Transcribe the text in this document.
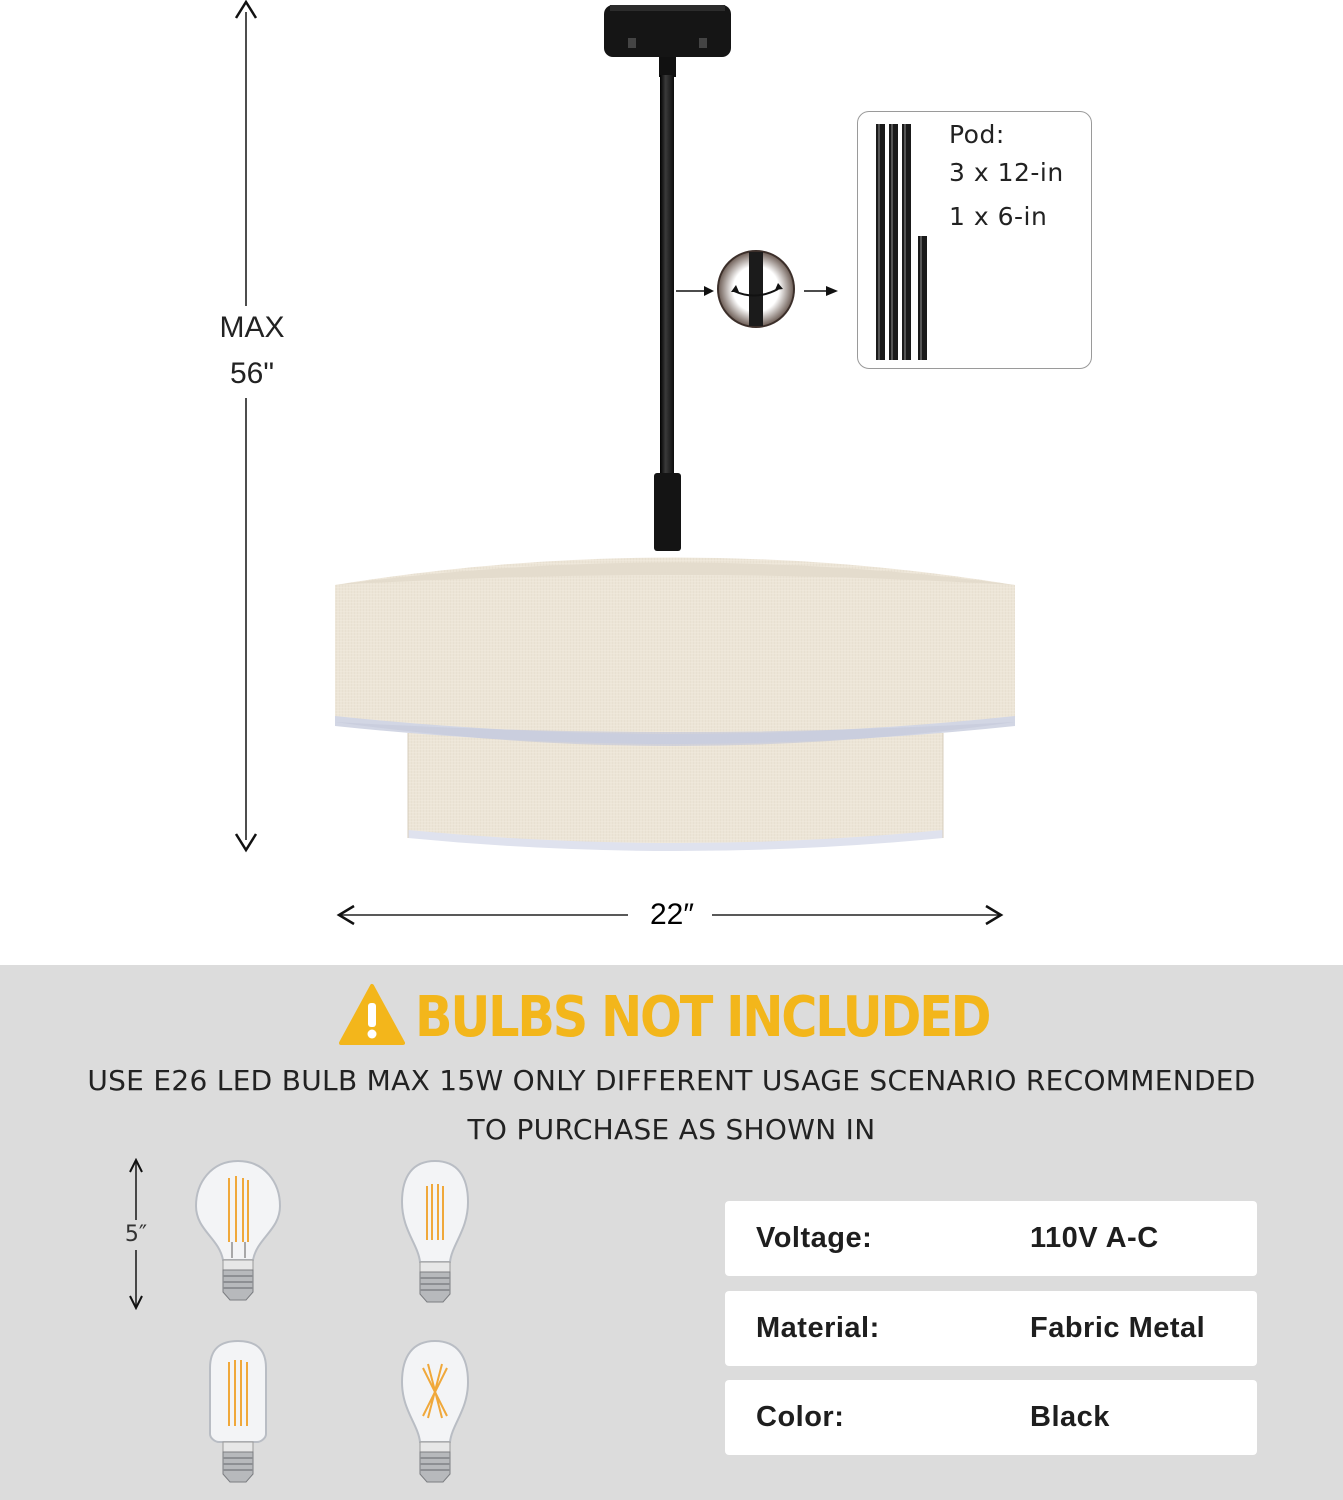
MAX
56"
22″
Pod:
3 x 12-in
1 x 6-in
BULBS NOT INCLUDED
USE E26 LED BULB MAX 15W ONLY DIFFERENT USAGE SCENARIO RECOMMENDED
TO PURCHASE AS SHOWN IN
5″	Voltage:	110V A-C
Material:	Fabric Metal
Color:	Black
